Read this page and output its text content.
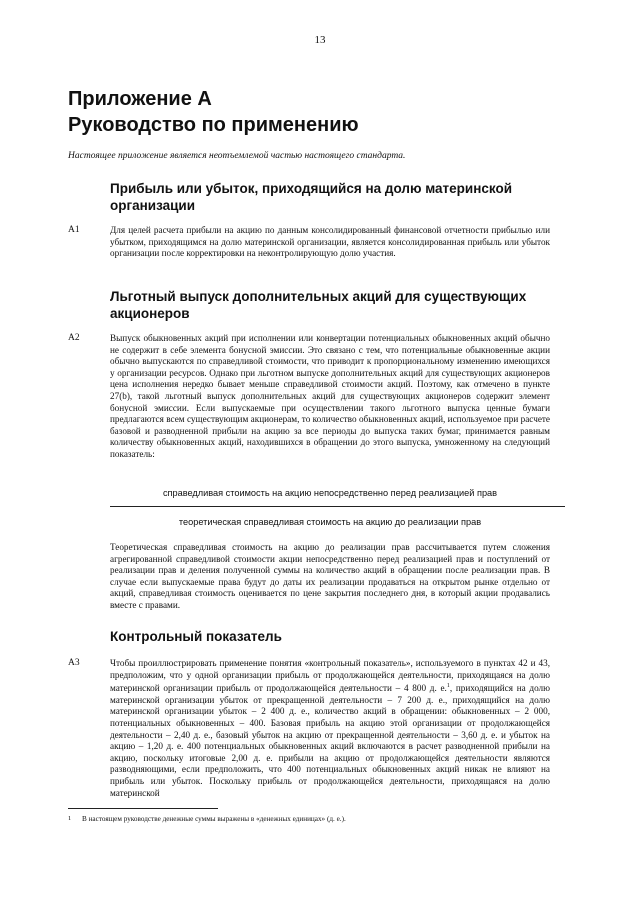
13
Приложение А
Руководство по применению
Настоящее приложение является неотъемлемой частью настоящего стандарта.
Прибыль или убыток, приходящийся на долю материнской организации
А1	Для целей расчета прибыли на акцию по данным консолидированный финансовой отчетности прибылью или убытком, приходящимся на долю материнской организации, является консолидированная прибыль или убыток организации после корректировки на неконтролирующую долю участия.
Льготный выпуск дополнительных акций для существующих акционеров
А2	Выпуск обыкновенных акций при исполнении или конвертации потенциальных обыкновенных акций обычно не содержит в себе элемента бонусной эмиссии. Это связано с тем, что потенциальные обыкновенные акции обычно выпускаются по справедливой стоимости, что приводит к пропорциональному изменению имеющихся у организации ресурсов. Однако при льготном выпуске дополнительных акций для существующих акционеров цена исполнения нередко бывает меньше справедливой стоимости акций. Поэтому, как отмечено в пункте 27(b), такой льготный выпуск дополнительных акций для существующих акционеров содержит элемент бонусной эмиссии. Если выпускаемые при осуществлении такого льготного выпуска ценные бумаги предлагаются всем существующим акционерам, то количество обыкновенных акций, используемое при расчете базовой и разводненной прибыли на акцию за все периоды до выпуска таких бумаг, принимается равным количеству обыкновенных акций, находившихся в обращении до этого выпуска, умноженному на следующий показатель:
справедливая стоимость на акцию непосредственно перед реализацией прав
теоретическая справедливая стоимость на акцию до реализации прав
Теоретическая справедливая стоимость на акцию до реализации прав рассчитывается путем сложения агрегированной справедливой стоимости акции непосредственно перед реализацией прав и поступлений от реализации прав и деления полученной суммы на количество акций в обращении после реализации прав. В случае если выпускаемые права будут до даты их реализации продаваться на открытом рынке отдельно от акций, справедливая стоимость оценивается по цене закрытия последнего дня, в который акции продавались вместе с правами.
Контрольный показатель
А3	Чтобы проиллюстрировать применение понятия «контрольный показатель», используемого в пунктах 42 и 43, предположим, что у одной организации прибыль от продолжающейся деятельности, приходящаяся на долю материнской организации прибыль от продолжающейся деятельности – 4 800 д. е.$^1$, приходящийся на долю материнской организации убыток от прекращенной деятельности – 7 200 д. е., приходящийся на долю материнской организации убыток – 2 400 д. е., количество акций в обращении: обыкновенных – 2 000, потенциальных обыкновенных – 400. Базовая прибыль на акцию этой организации от продолжающейся деятельности – 2,40 д. е., базовый убыток на акцию от прекращенной деятельности – 3,60 д. е. и убыток на акцию – 1,20 д. е. 400 потенциальных обыкновенных акций включаются в расчет разводненной прибыли на акцию, поскольку итоговые 2,00 д. е. прибыли на акцию от продолжающейся деятельности являются разводняющими, если предположить, что 400 потенциальных обыкновенных акций никак не влияют на прибыль или убыток. Поскольку прибыль от продолжающейся деятельности, приходящаяся на долю материнской
1 В настоящем руководстве денежные суммы выражены в «денежных единицах» (д. е.).
